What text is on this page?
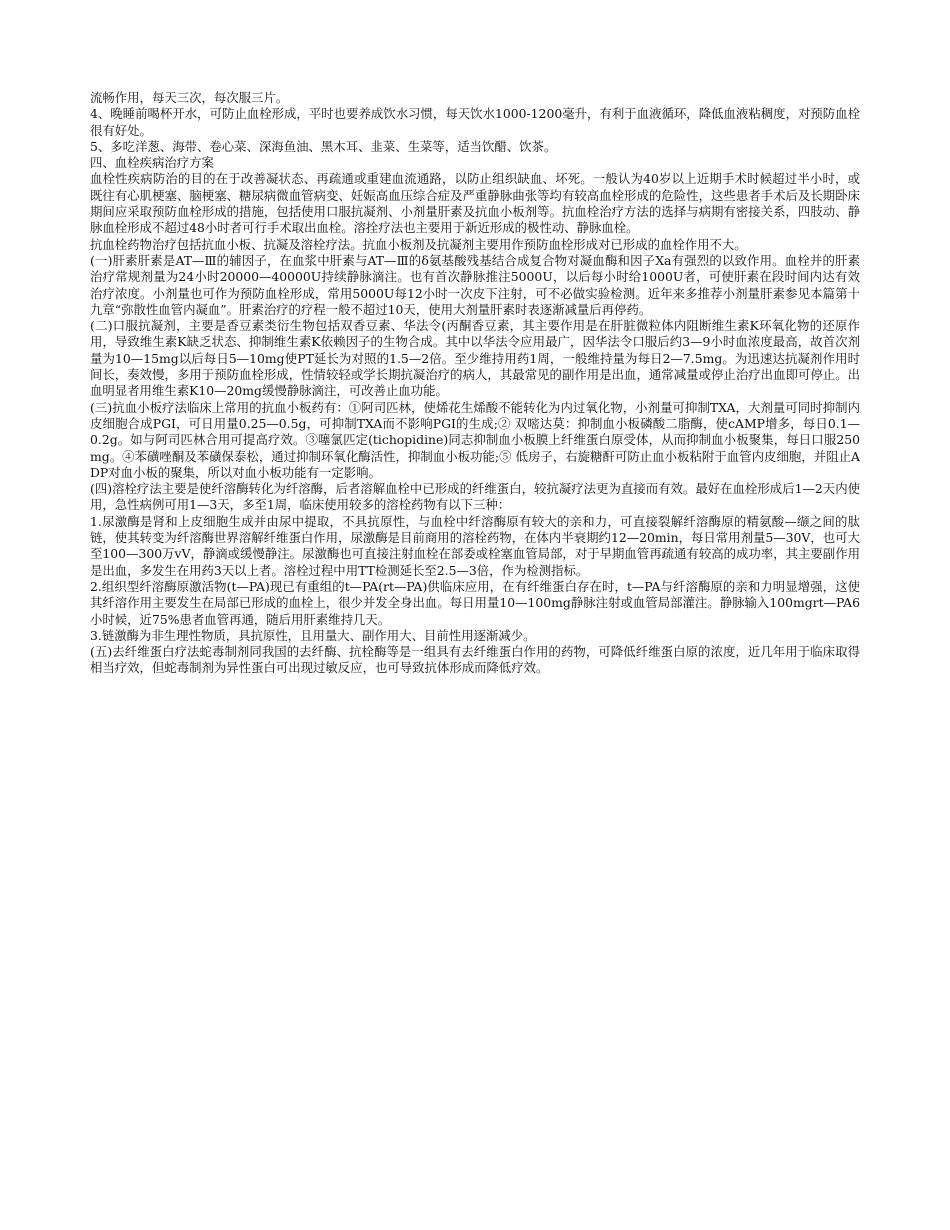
流畅作用，每天三次，每次服三片。

4、晚睡前喝杯开水，可防止血栓形成，平时也要养成饮水习惯，每天饮水1000-1200毫升，有利于血液循环，降低血液粘稠度，对预防血栓很有好处。

5、多吃洋葱、海带、卷心菜、深海鱼油、黑木耳、韭菜、生菜等，适当饮醋、饮茶。

四、血栓疾病治疗方案

血栓性疾病防治的目的在于改善凝状态、再疏通或重建血流通路，以防止组织缺血、坏死。一般认为40岁以上近期手术时候超过半小时，或既往有心肌梗塞、脑梗塞、糖尿病微血管病变、妊娠高血压综合症及严重静脉曲张等均有较高血栓形成的危险性，这些患者手术后及长期卧床期间应采取预防血栓形成的措施，包括使用口服抗凝剂、小剂量肝素及抗血小板剂等。抗血栓治疗方法的选择与病期有密接关系，四肢动、静脉血栓形成不超过48小时者可行手术取出血栓。溶拴疗法也主要用于新近形成的极性动、静脉血栓。

抗血栓药物治疗包括抗血小板、抗凝及溶栓疗法。抗血小板剂及抗凝剂主要用作预防血栓形成对已形成的血栓作用不大。

(一)肝素肝素是AT—Ⅲ的辅因子，在血浆中肝素与AT—Ⅲ的δ氨基酸残基结合成复合物对凝血酶和因子Xa有强烈的以致作用。血栓并的肝素治疗常规剂量为24小时20000—40000U持续静脉滴注。也有首次静脉推注5000U，以后每小时给1000U者，可使肝素在段时间内达有效治疗浓度。小剂量也可作为预防血栓形成，常用5000U每12小时一次皮下注射，可不必做实验检测。近年来多推荐小剂量肝素参见本篇第十九章“弥散性血管内凝血”。肝素治疗的疗程一般不超过10天，使用大剂量肝素时表逐渐减量后再停药。

(二)口服抗凝剂，主要是香豆素类衍生物包括双香豆素、华法令(丙酮香豆素，其主要作用是在肝脏微粒体内阻断维生素K环氧化物的还原作用，导致维生素K缺乏状态、抑制维生素K依赖因子的生物合成。其中以华法令应用最广，因华法令口服后约3—9小时血浓度最高，故首次剂量为10—15mg以后每日5—10mg使PT延长为对照的1.5—2倍。至少维持用药1周，一般维持量为每日2—7.5mg。为迅速达抗凝剂作用时间长，奏效慢，多用于预防血栓形成，性情较轻或学长期抗凝治疗的病人，其最常见的副作用是出血，通常减量或停止治疗出血即可停止。出血明显者用维生素K10—20mg缓慢静脉滴注，可改善止血功能。

(三)抗血小板疗法临床上常用的抗血小板药有：①阿司匹林，使烯花生烯酸不能转化为内过氧化物，小剂量可抑制TXA，大剂量可同时抑制内皮细胞合成PGI，可日用量0.25—0.5g，可抑制TXA而不影响PGI的生成;② 双嘧达莫：抑制血小板磷酸二脂酶，使cAMP增多，每日0.1—0.2g。如与阿司匹林合用可提高疗效。③噻氯匹定(tichopidine)同志抑制血小板膜上纤维蛋白原受体，从而抑制血小板聚集，每日口服250mg。④苯磺唑酮及苯磺保泰松，通过抑制环氧化酶活性，抑制血小板功能;⑤ 低房子，右旋糖酐可防止血小板粘附于血管内皮细胞，并阻止ADP对血小板的聚集，所以对血小板功能有一定影响。

(四)溶栓疗法主要是使纤溶酶转化为纤溶酶，后者溶解血栓中已形成的纤维蛋白，较抗凝疗法更为直接而有效。最好在血栓形成后1—2天内使用，急性病例可用1—3天，多至1周，临床使用较多的溶栓药物有以下三种：

1.尿激酶是肾和上皮细胞生成并由尿中提取，不具抗原性，与血栓中纤溶酶原有较大的亲和力，可直接裂解纤溶酶原的精氨酸—缬之间的肽链，使其转变为纤溶酶世界溶解纤维蛋白作用，尿激酶是目前商用的溶栓药物，在体内半衰期约12—20min，每日常用剂量5—30V，也可大至100—300万vV，静滴或缓慢静注。尿激酶也可直接注射血栓在部委或栓塞血管局部，对于早期血管再疏通有较高的成功率，其主要副作用是出血，多发生在用药3天以上者。溶栓过程中用TT检测延长至2.5—3倍，作为检测指标。

2.组织型纤溶酶原激活物(t—PA)现已有重组的t—PA(rt—PA)供临床应用，在有纤维蛋白存在时，t—PA与纤溶酶原的亲和力明显增强，这使其纤溶作用主要发生在局部已形成的血栓上，很少并发全身出血。每日用量10—100mg静脉注射或血管局部灌注。静脉输入100mgrt—PA6小时候，近75%患者血管再通，随后用肝素维持几天。

3.链激酶为非生理性物质，具抗原性，且用量大、副作用大、目前性用逐渐减少。

(五)去纤维蛋白疗法蛇毒制剂同我国的去纤酶、抗栓酶等是一组具有去纤维蛋白作用的药物，可降低纤维蛋白原的浓度，近几年用于临床取得相当疗效，但蛇毒制剂为异性蛋白可出现过敏反应，也可导致抗体形成而降低疗效。
